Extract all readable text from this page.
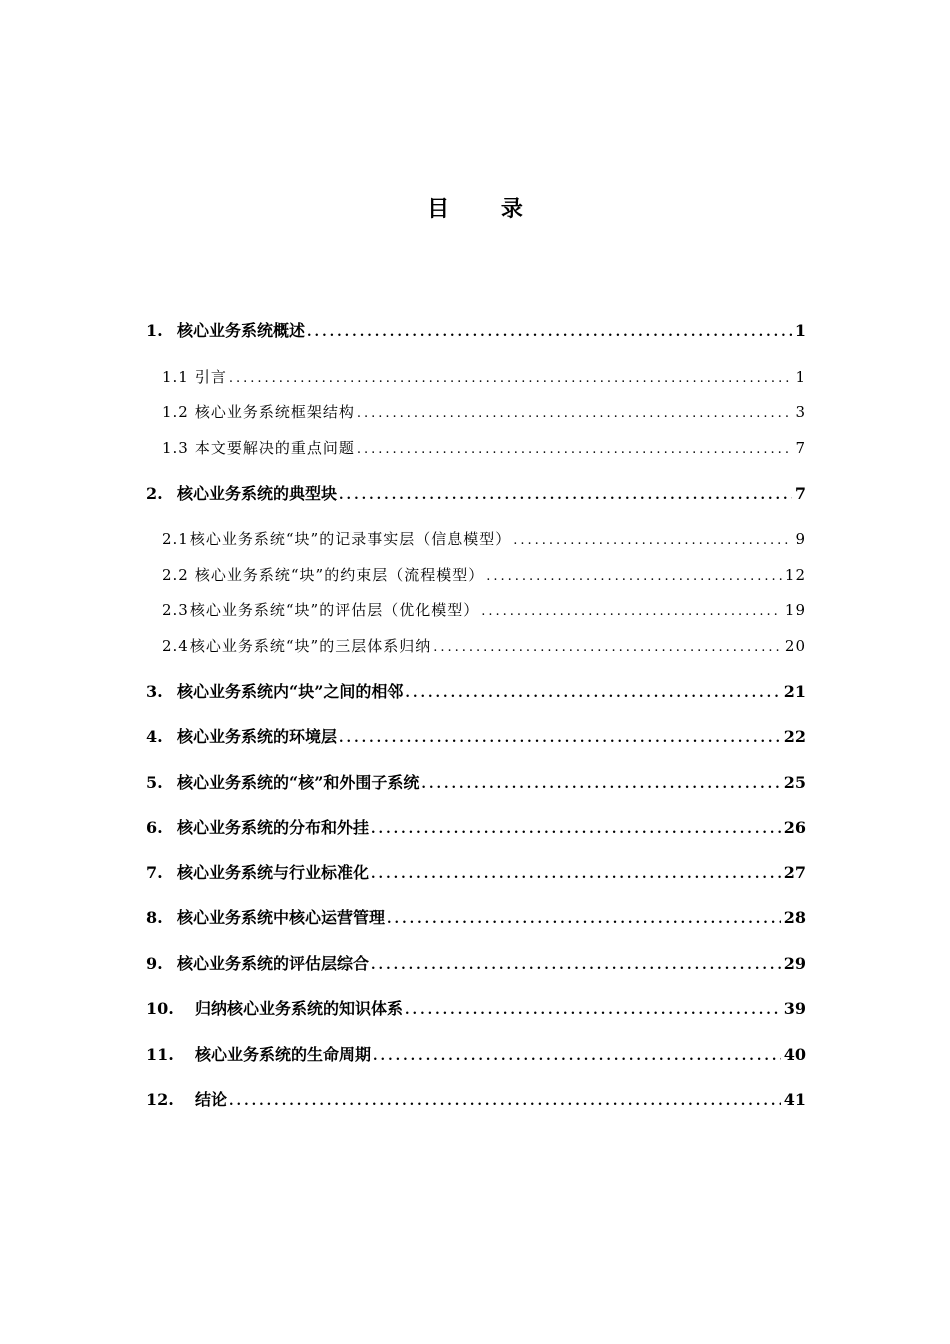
目 录
1. 核心业务系统概述 .....	1
1.1 引言 .....	1
1.2 核心业务系统框架结构 .....	3
1.3 本文要解决的重点问题 .....	7
2. 核心业务系统的典型块 .....	7
2.1 核心业务系统“块”的记录事实层（信息模型） .....	9
2.2 核心业务系统“块”的约束层（流程模型） .....	12
2.3 核心业务系统“块”的评估层（优化模型） .....	19
2.4 核心业务系统“块”的三层体系归纳 .....	20
3. 核心业务系统内“块”之间的相邻 .....	21
4. 核心业务系统的环境层 .....	22
5. 核心业务系统的“核”和外围子系统 .....	25
6. 核心业务系统的分布和外挂 .....	26
7. 核心业务系统与行业标准化 .....	27
8. 核心业务系统中核心运营管理 .....	28
9. 核心业务系统的评估层综合 .....	29
10.	归纳核心业务系统的知识体系 .....	39
11.	核心业务系统的生命周期 .....	40
12.	结论 .....	41
